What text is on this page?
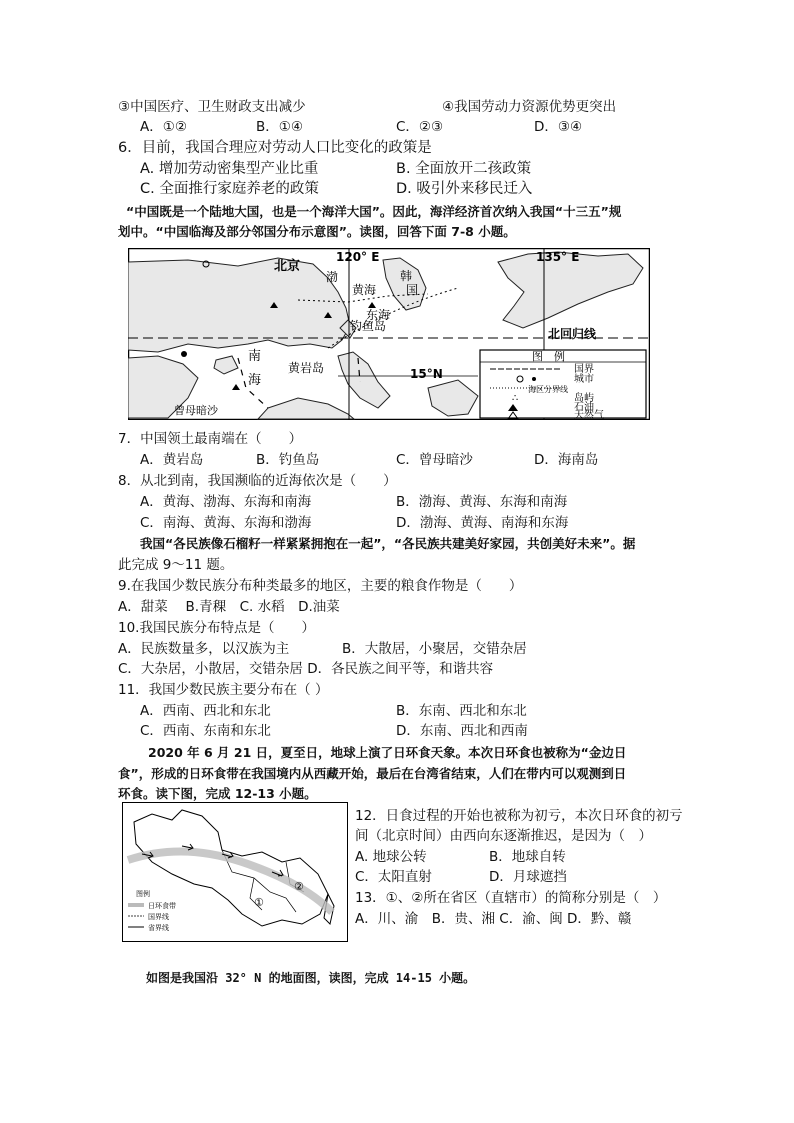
③中国医疗、卫生财政支出减少	④我国劳动力资源优势更突出
A．①②	B．①④	C．②③	D．③④
6．目前，我国合理应对劳动人口比变化的政策是
A. 增加劳动密集型产业比重	B. 全面放开二孩政策
C. 全面推行家庭养老的政策	D. 吸引外来移民迁入
“中国既是一个陆地大国，也是一个海洋大国”。因此，海洋经济首次纳入我国“十三五”规
划中。“中国临海及部分邻国分布示意图”。读图，回答下面 7-8 小题。
北京
120° E	135° E
渤	韩
国
黄海
东海
钓鱼岛
北回归线
南
海
黄岩岛	15°N
曾母暗沙
图　例
国界
城市
海区分界线
∴	岛屿
石油
天然气
7．中国领土最南端在（　　）
A．黄岩岛	B．钓鱼岛	C．曾母暗沙	D．海南岛
8．从北到南，我国濒临的近海依次是（　　）
A．黄海、渤海、东海和南海	B．渤海、黄海、东海和南海
C．南海、黄海、东海和渤海	D．渤海、黄海、南海和东海
我国“各民族像石榴籽一样紧紧拥抱在一起”，“各民族共建美好家园，共创美好未来”。据
此完成 9～11 题。
9.在我国少数民族分布种类最多的地区，主要的粮食作物是（　　）
A．甜菜　 B.青稞　C. 水稻　D.油菜
10.我国民族分布特点是（　　）
A．民族数量多，以汉族为主	B．大散居，小聚居，交错杂居
C．大杂居，小散居，交错杂居 D．各民族之间平等，和谐共容
11．我国少数民族主要分布在（ ）
A．西南、西北和东北	B．东南、西北和东北
C．西南、东南和东北	D．东南、西北和西南
2020 年 6 月 21 日，夏至日，地球上演了日环食天象。本次日环食也被称为“金边日
食”，形成的日环食带在我国境内从西藏开始，最后在台湾省结束，人们在带内可以观测到日
环食。读下图，完成 12-13 小题。
①
②
图例
日环食带
国界线
省界线
12．日食过程的开始也被称为初亏，本次日环食的初亏
间（北京时间）由西向东逐渐推迟，是因为（　）
A. 地球公转	B．地球自转
C．太阳直射	D．月球遮挡
13．①、②所在省区（直辖市）的简称分别是（　）
A．川、渝　B．贵、湘 C．渝、闽 D．黔、赣
如图是我国沿 32° N 的地面图，读图，完成 14-15 小题。
